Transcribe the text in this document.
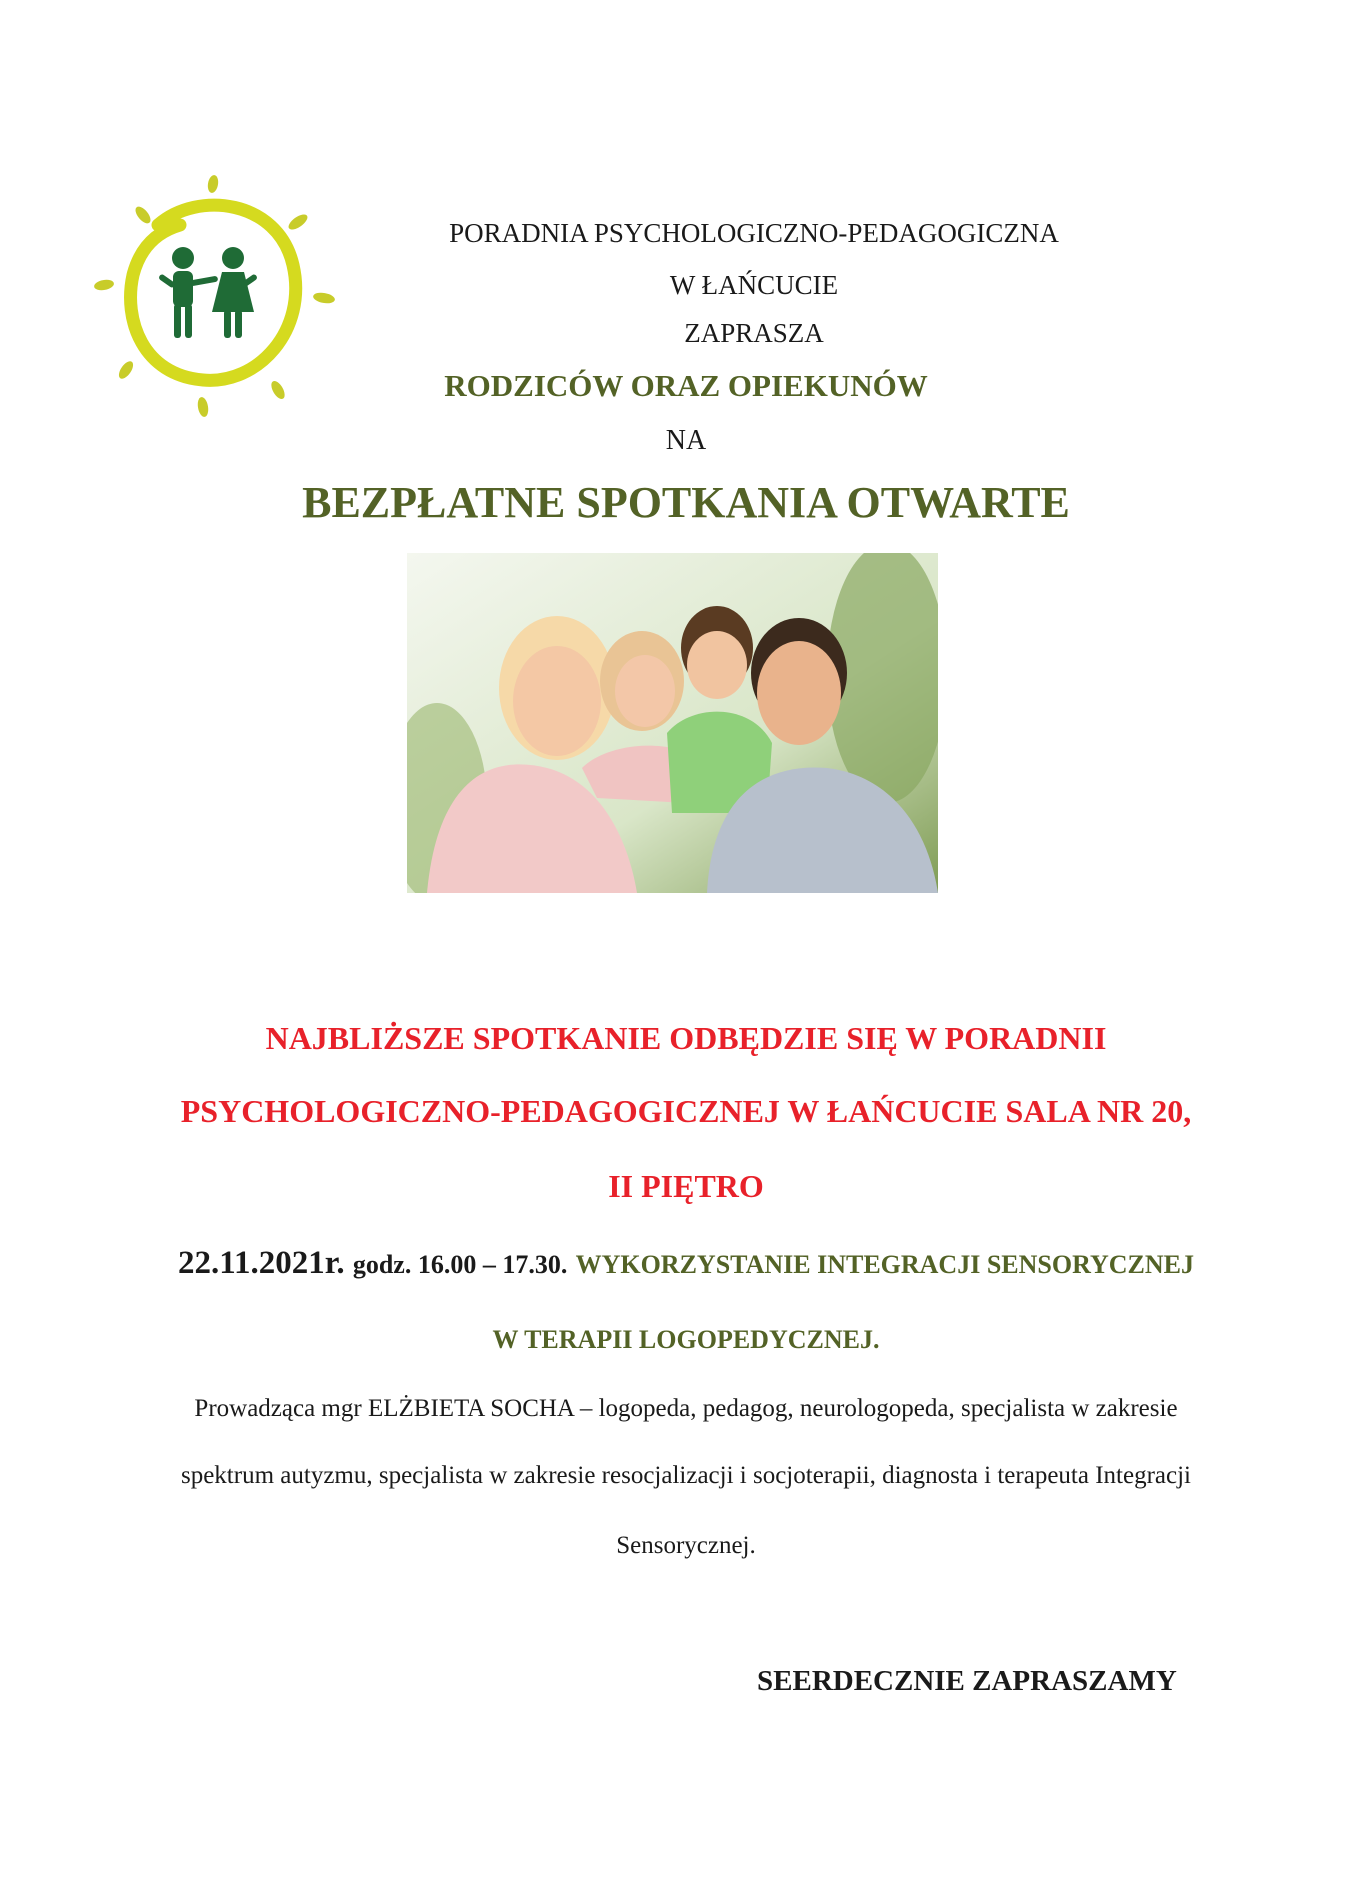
PORADNIA PSYCHOLOGICZNO-PEDAGOGICZNA
W ŁAŃCUCIE
ZAPRASZA
RODZICÓW ORAZ OPIEKUNÓW
NA
BEZPŁATNE SPOTKANIA OTWARTE
NAJBLIŻSZE SPOTKANIE ODBĘDZIE SIĘ W PORADNII
PSYCHOLOGICZNO-PEDAGOGICZNEJ W ŁAŃCUCIE SALA NR 20,
II PIĘTRO
22.11.2021r. godz. 16.00 – 17.30. WYKORZYSTANIE INTEGRACJI SENSORYCZNEJ
W TERAPII LOGOPEDYCZNEJ.
Prowadząca mgr ELŻBIETA SOCHA – logopeda, pedagog, neurologopeda, specjalista w zakresie
spektrum autyzmu, specjalista w zakresie resocjalizacji i socjoterapii, diagnosta i terapeuta Integracji
Sensorycznej.
SEERDECZNIE ZAPRASZAMY
